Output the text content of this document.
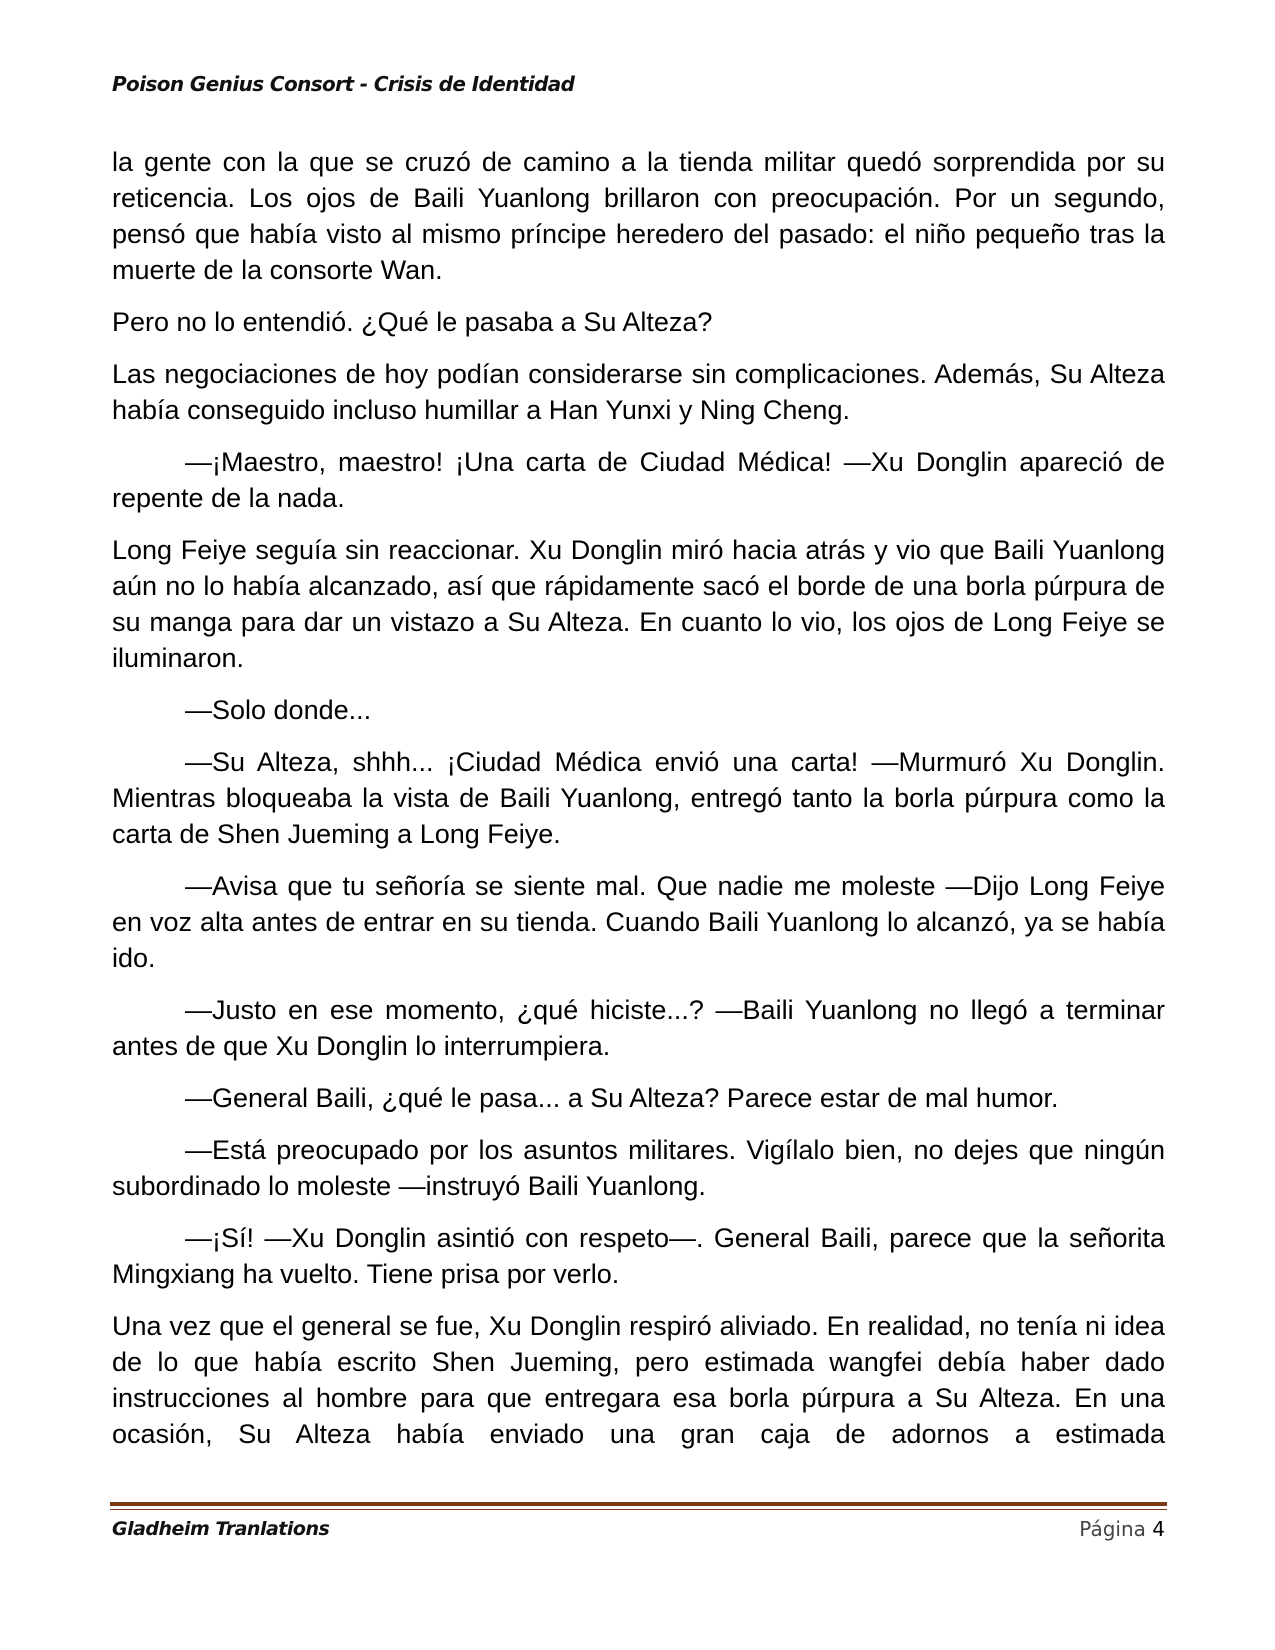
Poison Genius Consort - Crisis de Identidad

la gente con la que se cruzó de camino a la tienda militar quedó sorprendida por su reticencia. Los ojos de Baili Yuanlong brillaron con preocupación. Por un segundo, pensó que había visto al mismo príncipe heredero del pasado: el niño pequeño tras la muerte de la consorte Wan.

Pero no lo entendió. ¿Qué le pasaba a Su Alteza?

Las negociaciones de hoy podían considerarse sin complicaciones. Además, Su Alteza había conseguido incluso humillar a Han Yunxi y Ning Cheng.

—¡Maestro, maestro! ¡Una carta de Ciudad Médica! —Xu Donglin apareció de repente de la nada.

Long Feiye seguía sin reaccionar. Xu Donglin miró hacia atrás y vio que Baili Yuanlong aún no lo había alcanzado, así que rápidamente sacó el borde de una borla púrpura de su manga para dar un vistazo a Su Alteza. En cuanto lo vio, los ojos de Long Feiye se iluminaron.

—Solo donde...

—Su Alteza, shhh... ¡Ciudad Médica envió una carta! —Murmuró Xu Donglin. Mientras bloqueaba la vista de Baili Yuanlong, entregó tanto la borla púrpura como la carta de Shen Jueming a Long Feiye.

—Avisa que tu señoría se siente mal. Que nadie me moleste —Dijo Long Feiye en voz alta antes de entrar en su tienda. Cuando Baili Yuanlong lo alcanzó, ya se había ido.

—Justo en ese momento, ¿qué hiciste...? —Baili Yuanlong no llegó a terminar antes de que Xu Donglin lo interrumpiera.

—General Baili, ¿qué le pasa... a Su Alteza? Parece estar de mal humor.

—Está preocupado por los asuntos militares. Vigílalo bien, no dejes que ningún subordinado lo moleste —instruyó Baili Yuanlong.

—¡Sí! —Xu Donglin asintió con respeto—. General Baili, parece que la señorita Mingxiang ha vuelto. Tiene prisa por verlo.

Una vez que el general se fue, Xu Donglin respiró aliviado. En realidad, no tenía ni idea de lo que había escrito Shen Jueming, pero estimada wangfei debía haber dado instrucciones al hombre para que entregara esa borla púrpura a Su Alteza. En una ocasión, Su Alteza había enviado una gran caja de adornos a estimada

Gladheim Tranlations	Página 4
